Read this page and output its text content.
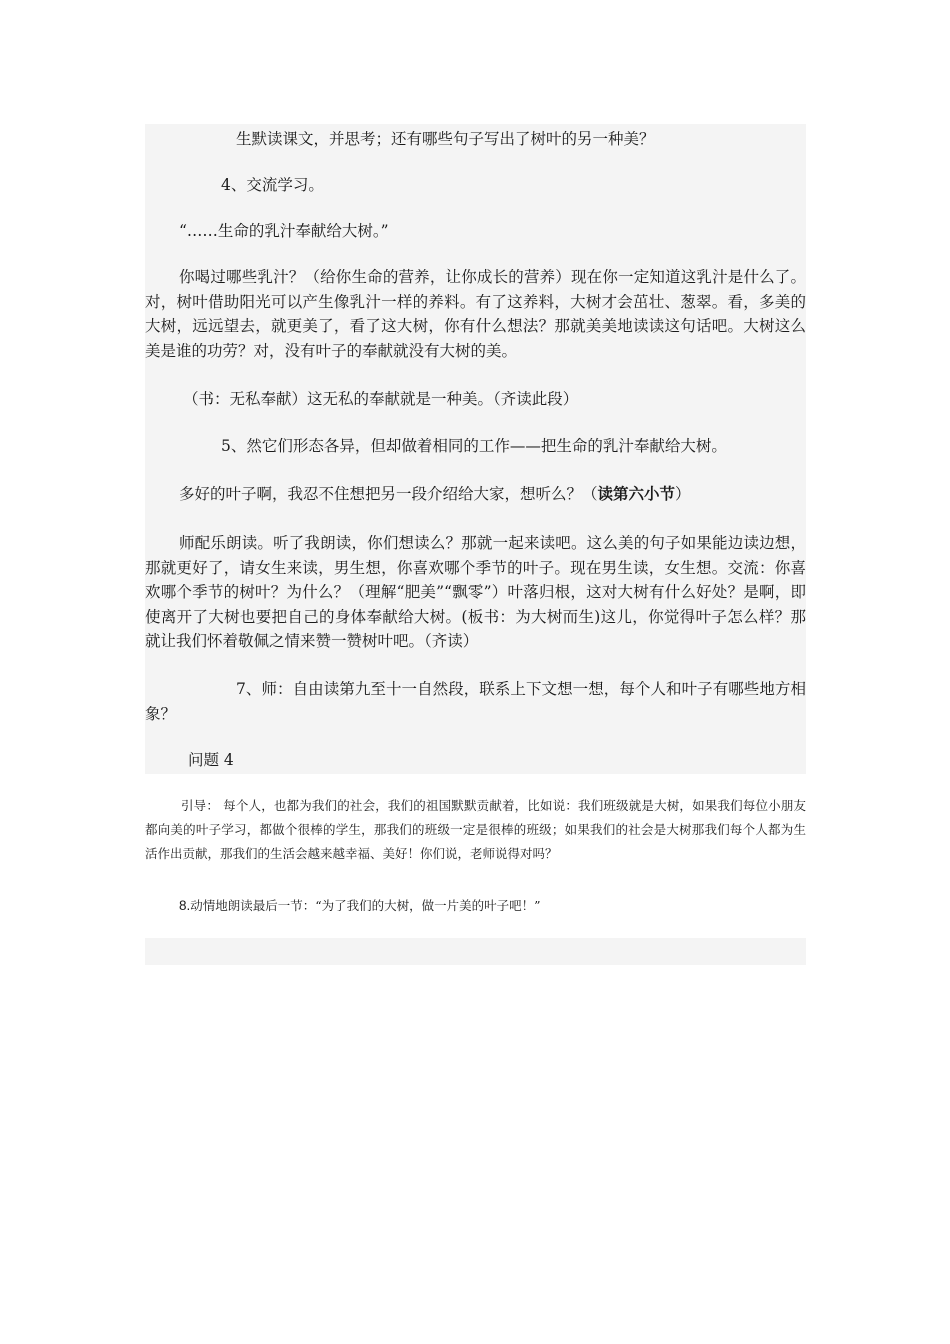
生默读课文，并思考；还有哪些句子写出了树叶的另一种美？

4、交流学习。

“……生命的乳汁奉献给大树。”

你喝过哪些乳汁？（给你生命的营养，让你成长的营养）现在你一定知道这乳汁是什么了。对，树叶借助阳光可以产生像乳汁一样的养料。有了这养料，大树才会茁壮、葱翠。看，多美的大树，远远望去，就更美了，看了这大树，你有什么想法？那就美美地读读这句话吧。大树这么美是谁的功劳？对，没有叶子的奉献就没有大树的美。

（书：无私奉献）这无私的奉献就是一种美。（齐读此段）

5、然它们形态各异，但却做着相同的工作——把生命的乳汁奉献给大树。

多好的叶子啊，我忍不住想把另一段介绍给大家，想听么？（读第六小节）

师配乐朗读。听了我朗读，你们想读么？那就一起来读吧。这么美的句子如果能边读边想，那就更好了，请女生来读，男生想，你喜欢哪个季节的叶子。现在男生读，女生想。交流：你喜欢哪个季节的树叶？为什么？（理解“肥美”“飘零”）叶落归根，这对大树有什么好处？是啊，即使离开了大树也要把自己的身体奉献给大树。(板书：为大树而生)这儿，你觉得叶子怎么样？那就让我们怀着敬佩之情来赞一赞树叶吧。（齐读）

7、师：自由读第九至十一自然段，联系上下文想一想，每个人和叶子有哪些地方相象？

问题 4

引导： 每个人，也都为我们的社会，我们的祖国默默贡献着，比如说：我们班级就是大树，如果我们每位小朋友都向美的叶子学习，都做个很棒的学生，那我们的班级一定是很棒的班级；如果我们的社会是大树那我们每个人都为生活作出贡献，那我们的生活会越来越幸福、美好！你们说，老师说得对吗？

8.动情地朗读最后一节：“为了我们的大树，做一片美的叶子吧！”
